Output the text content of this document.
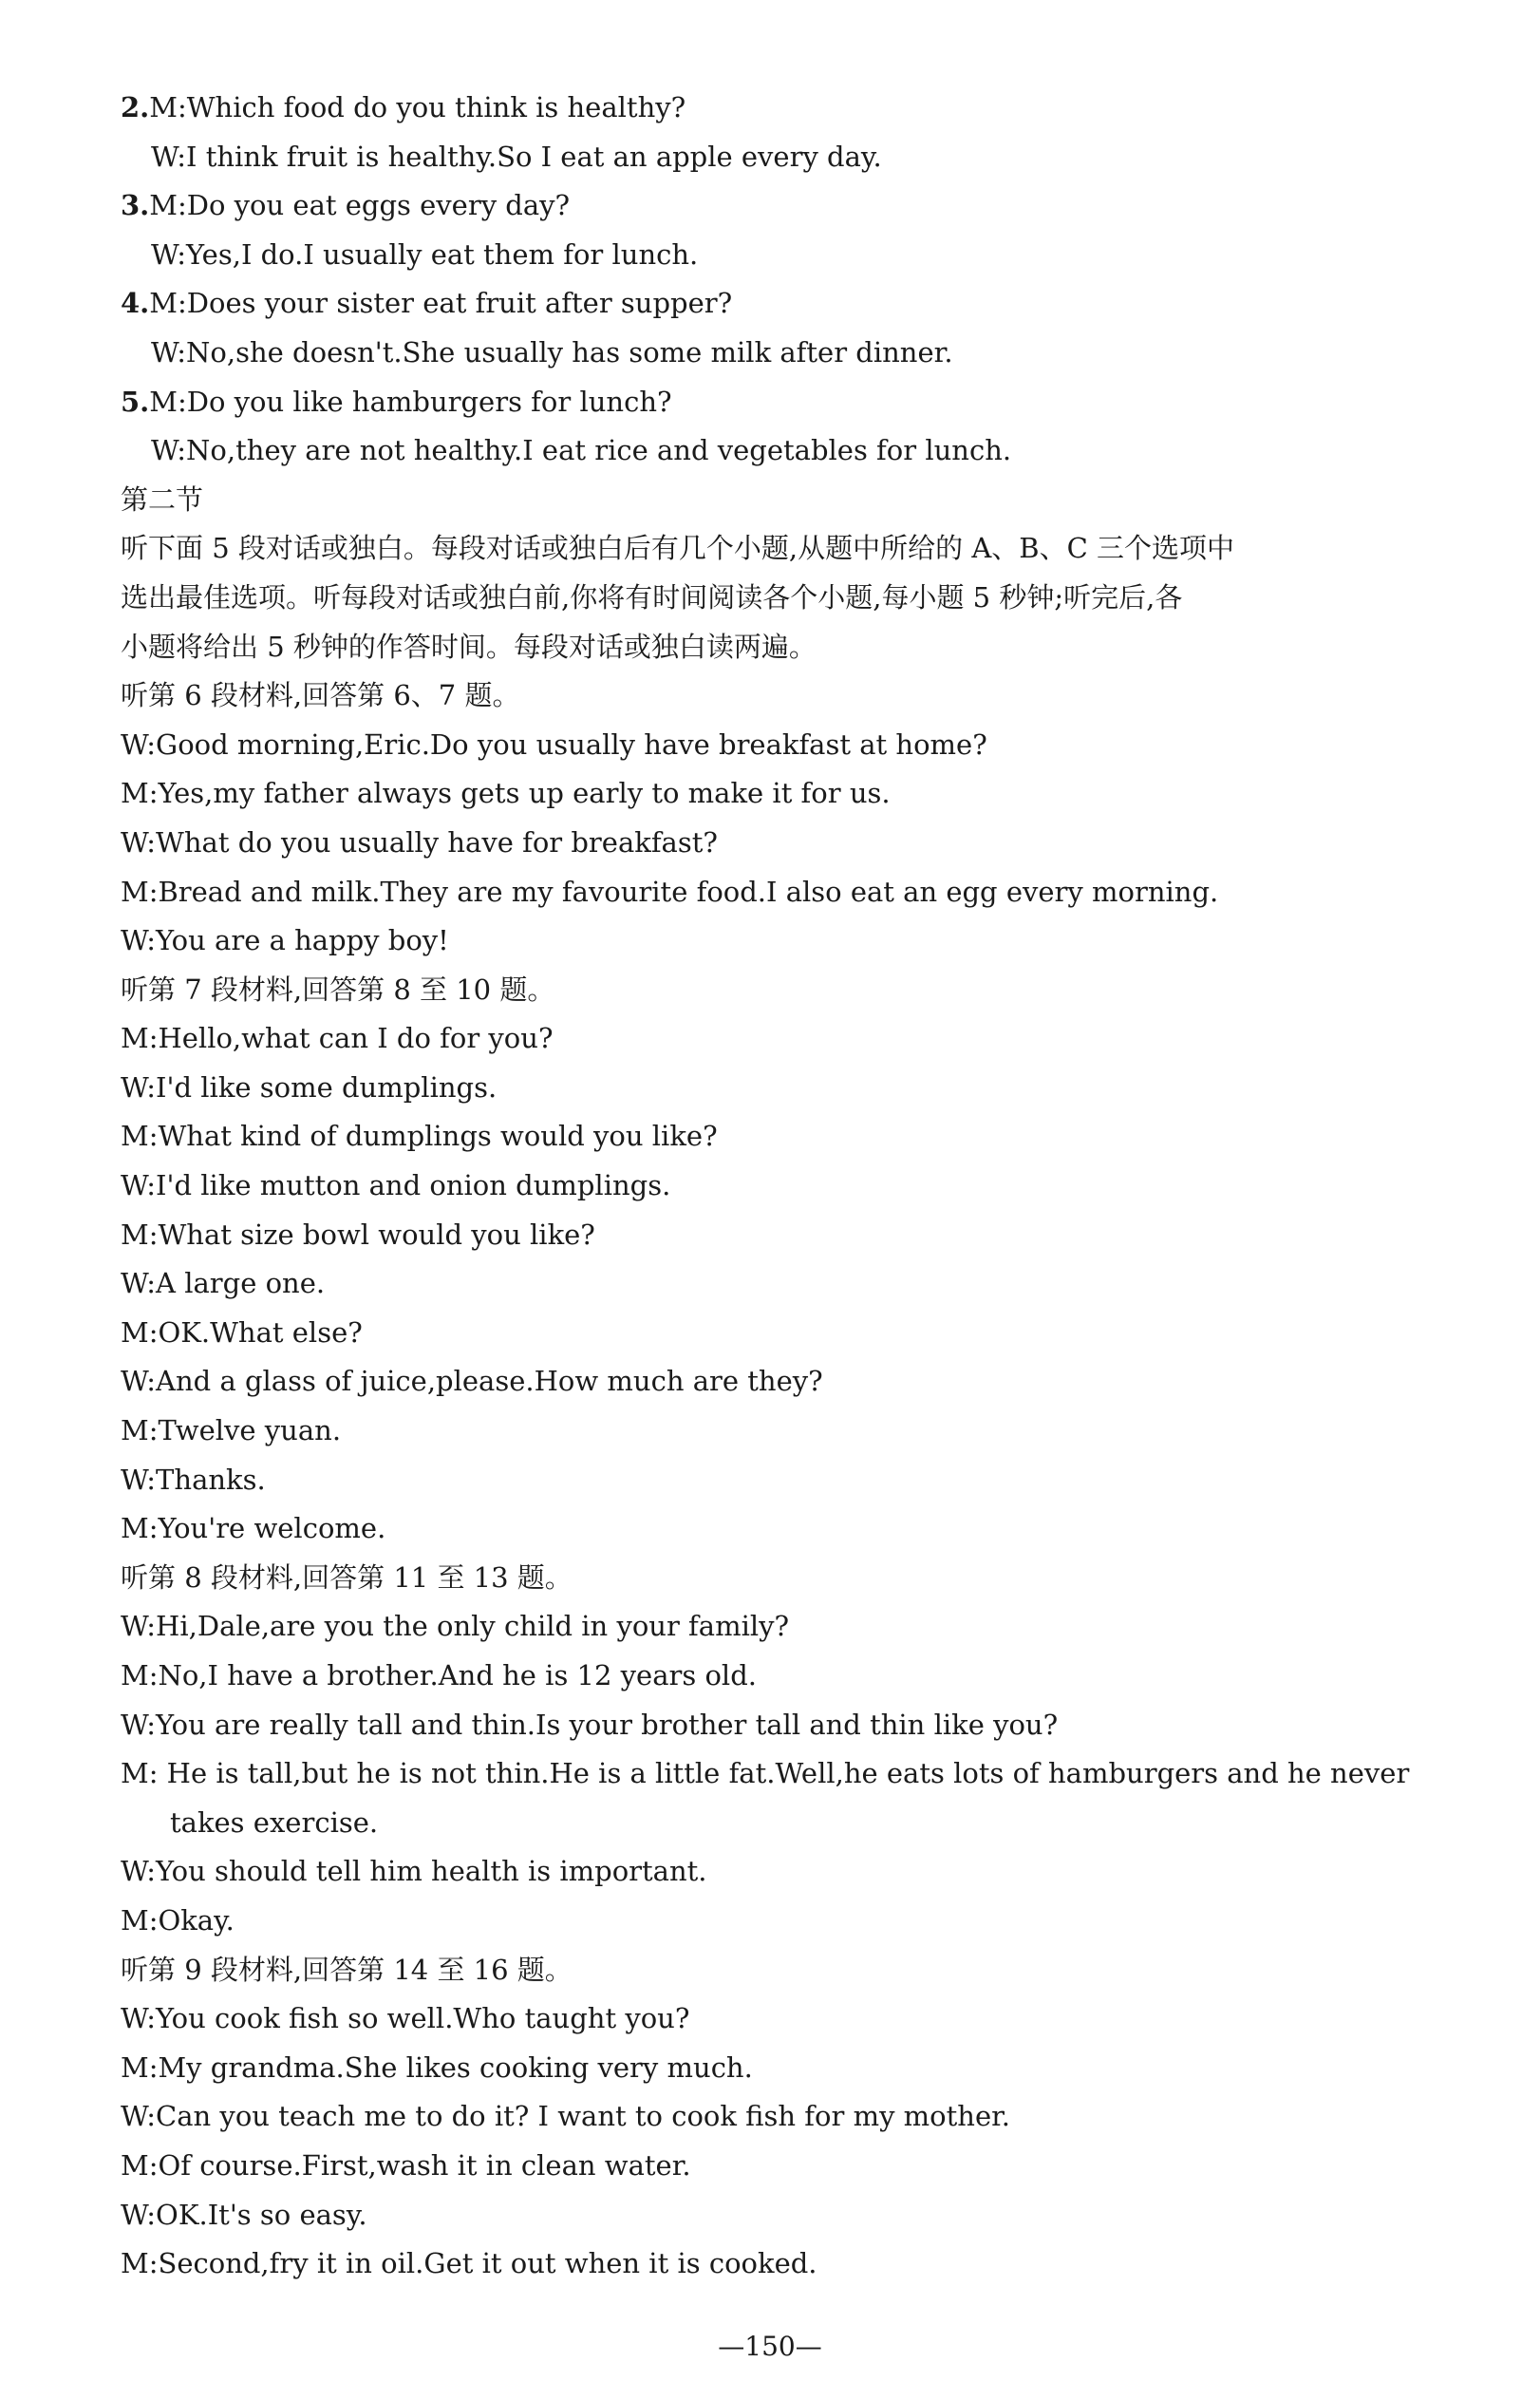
2.M:Which food do you think is healthy?
W:I think fruit is healthy.So I eat an apple every day.
3.M:Do you eat eggs every day?
W:Yes,I do.I usually eat them for lunch.
4.M:Does your sister eat fruit after supper?
W:No,she doesn't.She usually has some milk after dinner.
5.M:Do you like hamburgers for lunch?
W:No,they are not healthy.I eat rice and vegetables for lunch.
第二节
听下面 5 段对话或独白。每段对话或独白后有几个小题,从题中所给的 A、B、C 三个选项中
选出最佳选项。听每段对话或独白前,你将有时间阅读各个小题,每小题 5 秒钟;听完后,各
小题将给出 5 秒钟的作答时间。每段对话或独白读两遍。
听第 6 段材料,回答第 6、7 题。
W:Good morning,Eric.Do you usually have breakfast at home?
M:Yes,my father always gets up early to make it for us.
W:What do you usually have for breakfast?
M:Bread and milk.They are my favourite food.I also eat an egg every morning.
W:You are a happy boy!
听第 7 段材料,回答第 8 至 10 题。
M:Hello,what can I do for you?
W:I'd like some dumplings.
M:What kind of dumplings would you like?
W:I'd like mutton and onion dumplings.
M:What size bowl would you like?
W:A large one.
M:OK.What else?
W:And a glass of juice,please.How much are they?
M:Twelve yuan.
W:Thanks.
M:You're welcome.
听第 8 段材料,回答第 11 至 13 题。
W:Hi,Dale,are you the only child in your family?
M:No,I have a brother.And he is 12 years old.
W:You are really tall and thin.Is your brother tall and thin like you?
M: He is tall,but he is not thin.He is a little fat.Well,he eats lots of hamburgers and he never
takes exercise.
W:You should tell him health is important.
M:Okay.
听第 9 段材料,回答第 14 至 16 题。
W:You cook fish so well.Who taught you?
M:My grandma.She likes cooking very much.
W:Can you teach me to do it? I want to cook fish for my mother.
M:Of course.First,wash it in clean water.
W:OK.It's so easy.
M:Second,fry it in oil.Get it out when it is cooked.
—150—
